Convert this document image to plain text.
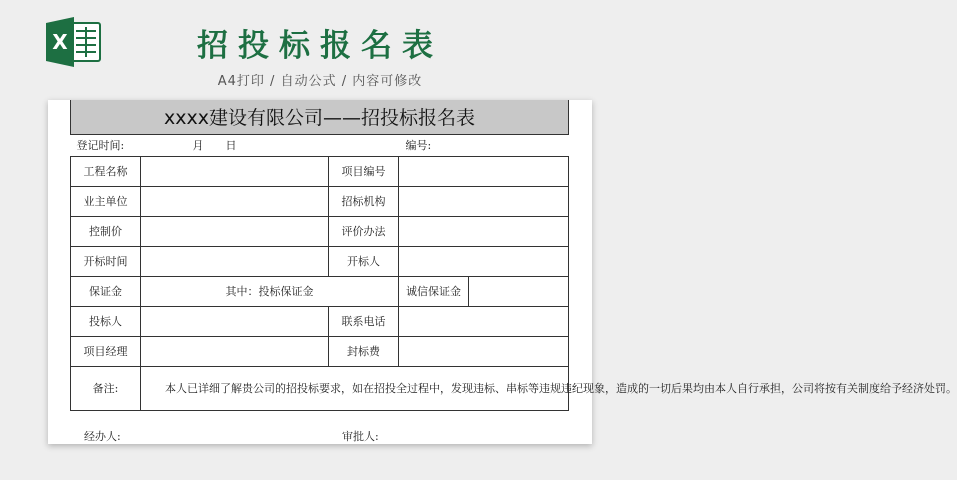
X	招投标报名表
A4打印 / 自动公式 / 内容可修改
xxxx建设有限公司——招投标报名表				

登记时间: 月 日 编号:				

工程名称		项目编号		
业主单位		招标机构		
控制价		评价办法		
开标时间		开标人		
保证金	其中：投标保证金		诚信保证金	
投标人		联系电话		
项目经理		封标费		
备注:	本人已详细了解贵公司的招投标要求，如在招投全过程中，发现违标、串标等违规违纪现象，造成的一切后果均由本人自行承担，公司将按有关制度给予经济处罚。			
经办人:	审批人:
